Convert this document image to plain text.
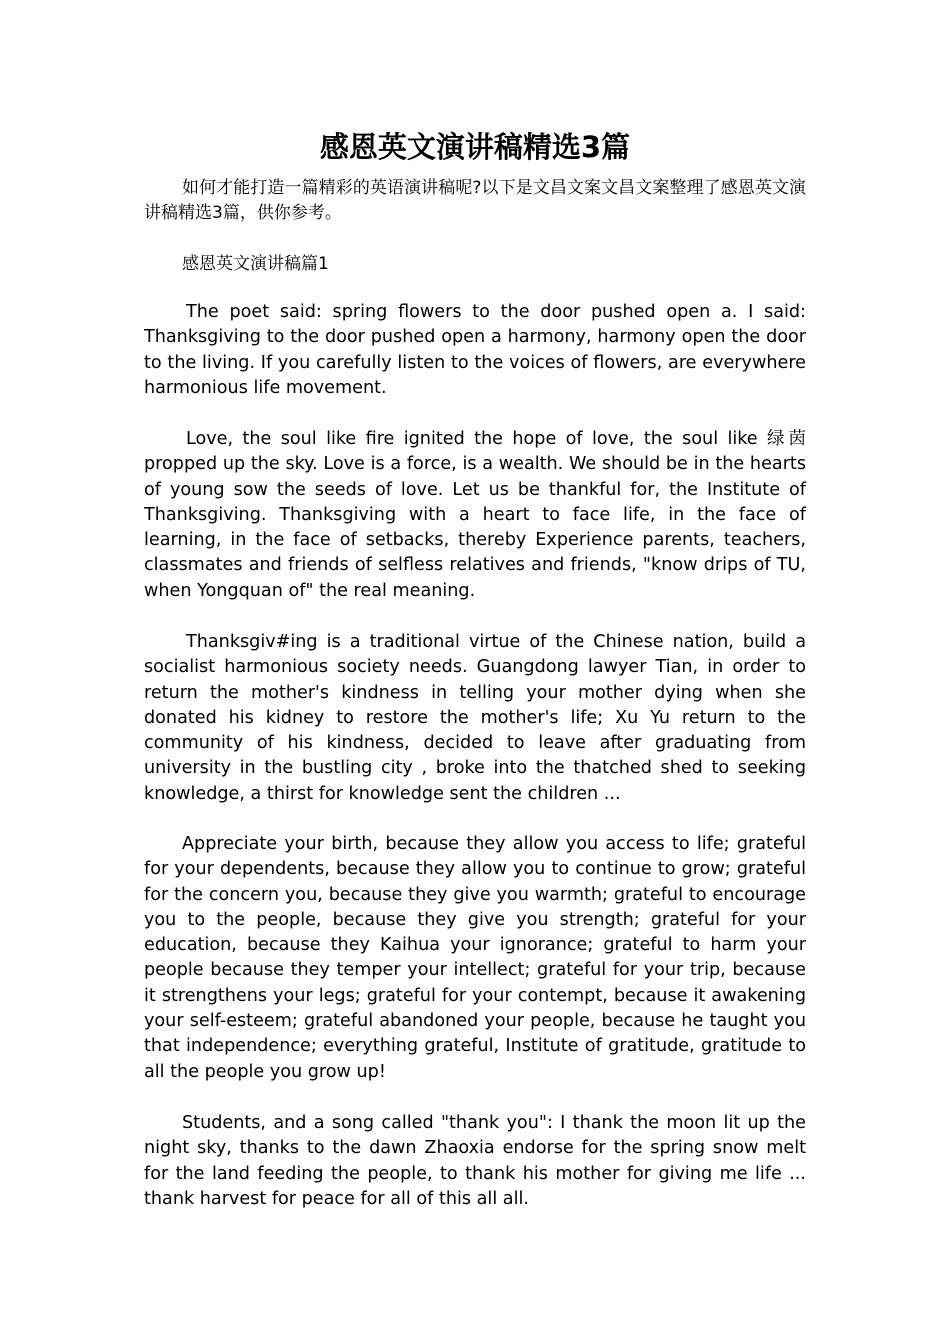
感恩英文演讲稿精选3篇

如何才能打造一篇精彩的英语演讲稿呢?以下是文昌文案文昌文案整理了感恩英文演讲稿精选3篇，供你参考。

感恩英文演讲稿篇1

The poet said: spring flowers to the door pushed open a. I said: Thanksgiving to the door pushed open a harmony, harmony open the door to the living. If you carefully listen to the voices of flowers, are everywhere harmonious life movement.

Love, the soul like fire ignited the hope of love, the soul like 绿茵 propped up the sky. Love is a force, is a wealth. We should be in the hearts of young sow the seeds of love. Let us be thankful for, the Institute of Thanksgiving. Thanksgiving with a heart to face life, in the face of learning, in the face of setbacks, thereby Experience parents, teachers, classmates and friends of selfless relatives and friends, "know drips of TU, when Yongquan of" the real meaning.

Thanksgiv#ing is a traditional virtue of the Chinese nation, build a socialist harmonious society needs. Guangdong lawyer Tian, in order to return the mother's kindness in telling your mother dying when she donated his kidney to restore the mother's life; Xu Yu return to the community of his kindness, decided to leave after graduating from university in the bustling city , broke into the thatched shed to seeking knowledge, a thirst for knowledge sent the children ...

Appreciate your birth, because they allow you access to life; grateful for your dependents, because they allow you to continue to grow; grateful for the concern you, because they give you warmth; grateful to encourage you to the people, because they give you strength; grateful for your education, because they Kaihua your ignorance; grateful to harm your people because they temper your intellect; grateful for your trip, because it strengthens your legs; grateful for your contempt, because it awakening your self-esteem; grateful abandoned your people, because he taught you that independence; everything grateful, Institute of gratitude, gratitude to all the people you grow up!

Students, and a song called "thank you": I thank the moon lit up the night sky, thanks to the dawn Zhaoxia endorse for the spring snow melt for the land feeding the people, to thank his mother for giving me life ... thank harvest for peace for all of this all all.
